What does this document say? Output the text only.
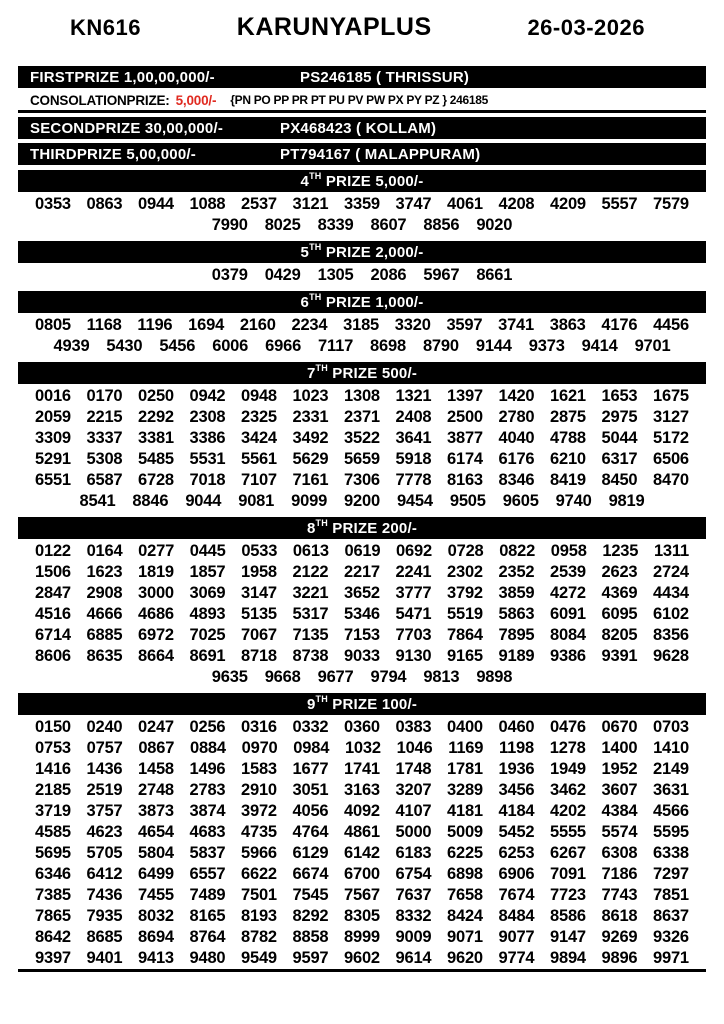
KN616	KARUNYAPLUS	26-03-2026
FIRSTPRIZE 1,00,00,000/-	PS246185 ( THRISSUR)
CONSOLATIONPRIZE: 5,000/- {PN PO PP PR PT PU PV PW PX PY PZ } 246185
SECONDPRIZE 30,00,000/-	PX468423 ( KOLLAM)
THIRDPRIZE 5,00,000/-	PT794167 ( MALAPPURAM)
4TH PRIZE 5,000/-
0353 0863 0944 1088 2537 3121 3359 3747 4061 4208 4209 5557 7579
7990 8025 8339 8607 8856 9020
5TH PRIZE 2,000/-
0379 0429 1305 2086 5967 8661
6TH PRIZE 1,000/-
0805 1168 1196 1694 2160 2234 3185 3320 3597 3741 3863 4176 4456
4939 5430 5456 6006 6966 7117 8698 8790 9144 9373 9414 9701
7TH PRIZE 500/-
0016 0170 0250 0942 0948 1023 1308 1321 1397 1420 1621 1653 1675
2059 2215 2292 2308 2325 2331 2371 2408 2500 2780 2875 2975 3127
3309 3337 3381 3386 3424 3492 3522 3641 3877 4040 4788 5044 5172
5291 5308 5485 5531 5561 5629 5659 5918 6174 6176 6210 6317 6506
6551 6587 6728 7018 7107 7161 7306 7778 8163 8346 8419 8450 8470
8541 8846 9044 9081 9099 9200 9454 9505 9605 9740 9819
8TH PRIZE 200/-
0122 0164 0277 0445 0533 0613 0619 0692 0728 0822 0958 1235 1311
1506 1623 1819 1857 1958 2122 2217 2241 2302 2352 2539 2623 2724
2847 2908 3000 3069 3147 3221 3652 3777 3792 3859 4272 4369 4434
4516 4666 4686 4893 5135 5317 5346 5471 5519 5863 6091 6095 6102
6714 6885 6972 7025 7067 7135 7153 7703 7864 7895 8084 8205 8356
8606 8635 8664 8691 8718 8738 9033 9130 9165 9189 9386 9391 9628
9635 9668 9677 9794 9813 9898
9TH PRIZE 100/-
0150 0240 0247 0256 0316 0332 0360 0383 0400 0460 0476 0670 0703
0753 0757 0867 0884 0970 0984 1032 1046 1169 1198 1278 1400 1410
1416 1436 1458 1496 1583 1677 1741 1748 1781 1936 1949 1952 2149
2185 2519 2748 2783 2910 3051 3163 3207 3289 3456 3462 3607 3631
3719 3757 3873 3874 3972 4056 4092 4107 4181 4184 4202 4384 4566
4585 4623 4654 4683 4735 4764 4861 5000 5009 5452 5555 5574 5595
5695 5705 5804 5837 5966 6129 6142 6183 6225 6253 6267 6308 6338
6346 6412 6499 6557 6622 6674 6700 6754 6898 6906 7091 7186 7297
7385 7436 7455 7489 7501 7545 7567 7637 7658 7674 7723 7743 7851
7865 7935 8032 8165 8193 8292 8305 8332 8424 8484 8586 8618 8637
8642 8685 8694 8764 8782 8858 8999 9009 9071 9077 9147 9269 9326
9397 9401 9413 9480 9549 9597 9602 9614 9620 9774 9894 9896 9971
